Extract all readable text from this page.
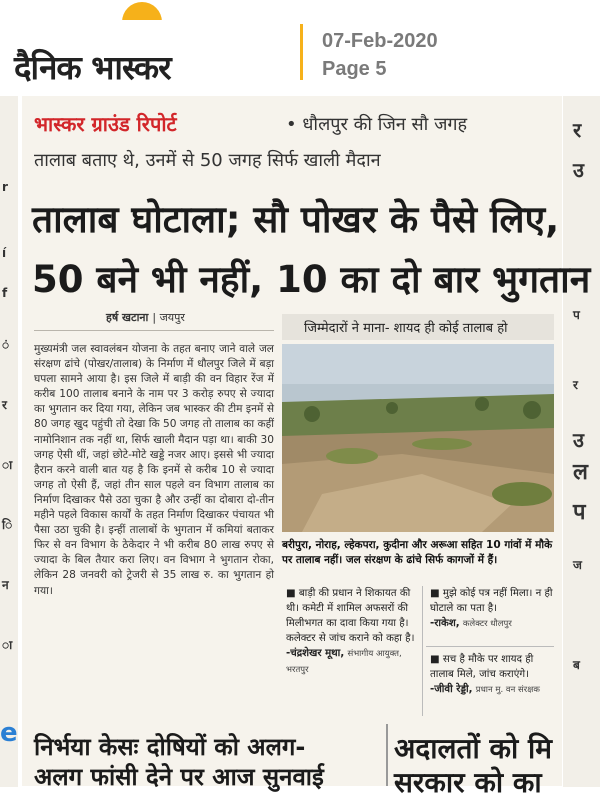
दैनिक भास्कर
07-Feb-2020
Page 5
r
í
f
ं
र
ा
ि
न
ा
र
उ
प
र
उ
ल
प
ज
ब
भास्कर ग्राउंड रिपोर्ट	• धौलपुर की जिन सौ जगह
तालाब बताए थे, उनमें से 50 जगह सिर्फ खाली मैदान
तालाब घोटाला; सौ पोखर के पैसे लिए,
50 बने भी नहीं, 10 का दो बार भुगतान
हर्ष खटाना | जयपुर
मुख्यमंत्री जल स्वावलंबन योजना के तहत बनाए जाने वाले जल संरक्षण ढांचे (पोखर/तालाब) के निर्माण में धौलपुर जिले में बड़ा घपला सामने आया है। इस जिले में बाड़ी की वन विहार रेंज में करीब 100 तालाब बनाने के नाम पर 3 करोड़ रुपए से ज्यादा का भुगतान कर दिया गया, लेकिन जब भास्कर की टीम इनमें से 80 जगह खुद पहुंची तो देखा कि 50 जगह तो तालाब का कहीं नामोनिशान तक नहीं था, सिर्फ खाली मैदान पड़ा था। बाकी 30 जगह ऐसी थीं, जहां छोटे-मोटे खड्डे नजर आए। इससे भी ज्यादा हैरान करने वाली बात यह है कि इनमें से करीब 10 से ज्यादा जगह तो ऐसी हैं, जहां तीन साल पहले वन विभाग तालाब का निर्माण दिखाकर पैसे उठा चुका है और उन्हीं का दोबारा दो-तीन महीने पहले विकास कार्यों के तहत निर्माण दिखाकर पंचायत भी पैसा उठा चुकी है। इन्हीं तालाबों के भुगतान में कमियां बताकर फिर से वन विभाग के ठेकेदार ने भी करीब 80 लाख रुपए से ज्यादा के बिल तैयार करा लिए। वन विभाग ने भुगतान रोका, लेकिन 28 जनवरी को ट्रेजरी से 35 लाख रु. का भुगतान हो गया।
जिम्मेदारों ने माना- शायद ही कोई तालाब हो
बरीपुरा, नोराह, ल्हेकपरा, कुदीना और अरूआ सहित 10 गांवों में मौके पर तालाब नहीं। जल संरक्षण के ढांचे सिर्फ कागजों में हैं।
■ बाड़ी की प्रधान ने शिकायत की थी। कमेटी में शामिल अफसरों की मिलीभगत का दावा किया गया है। कलेक्टर से जांच कराने को कहा है।
-चंद्रशेखर मूथा, संभागीय आयुक्त, भरतपुर
■ मुझे कोई पत्र नहीं मिला। न ही घोटाले का पता है।
-राकेश, कलेक्टर धौलपुर
■ सच है मौके पर शायद ही तालाब मिले, जांच कराएंगे।
-जीवी रेड्डी, प्रधान मु. वन संरक्षक
निर्भया केसः दोषियों को अलग-
अलग फांसी देने पर आज सुनवाई
अदालतों को मि
सरकार को का
e
